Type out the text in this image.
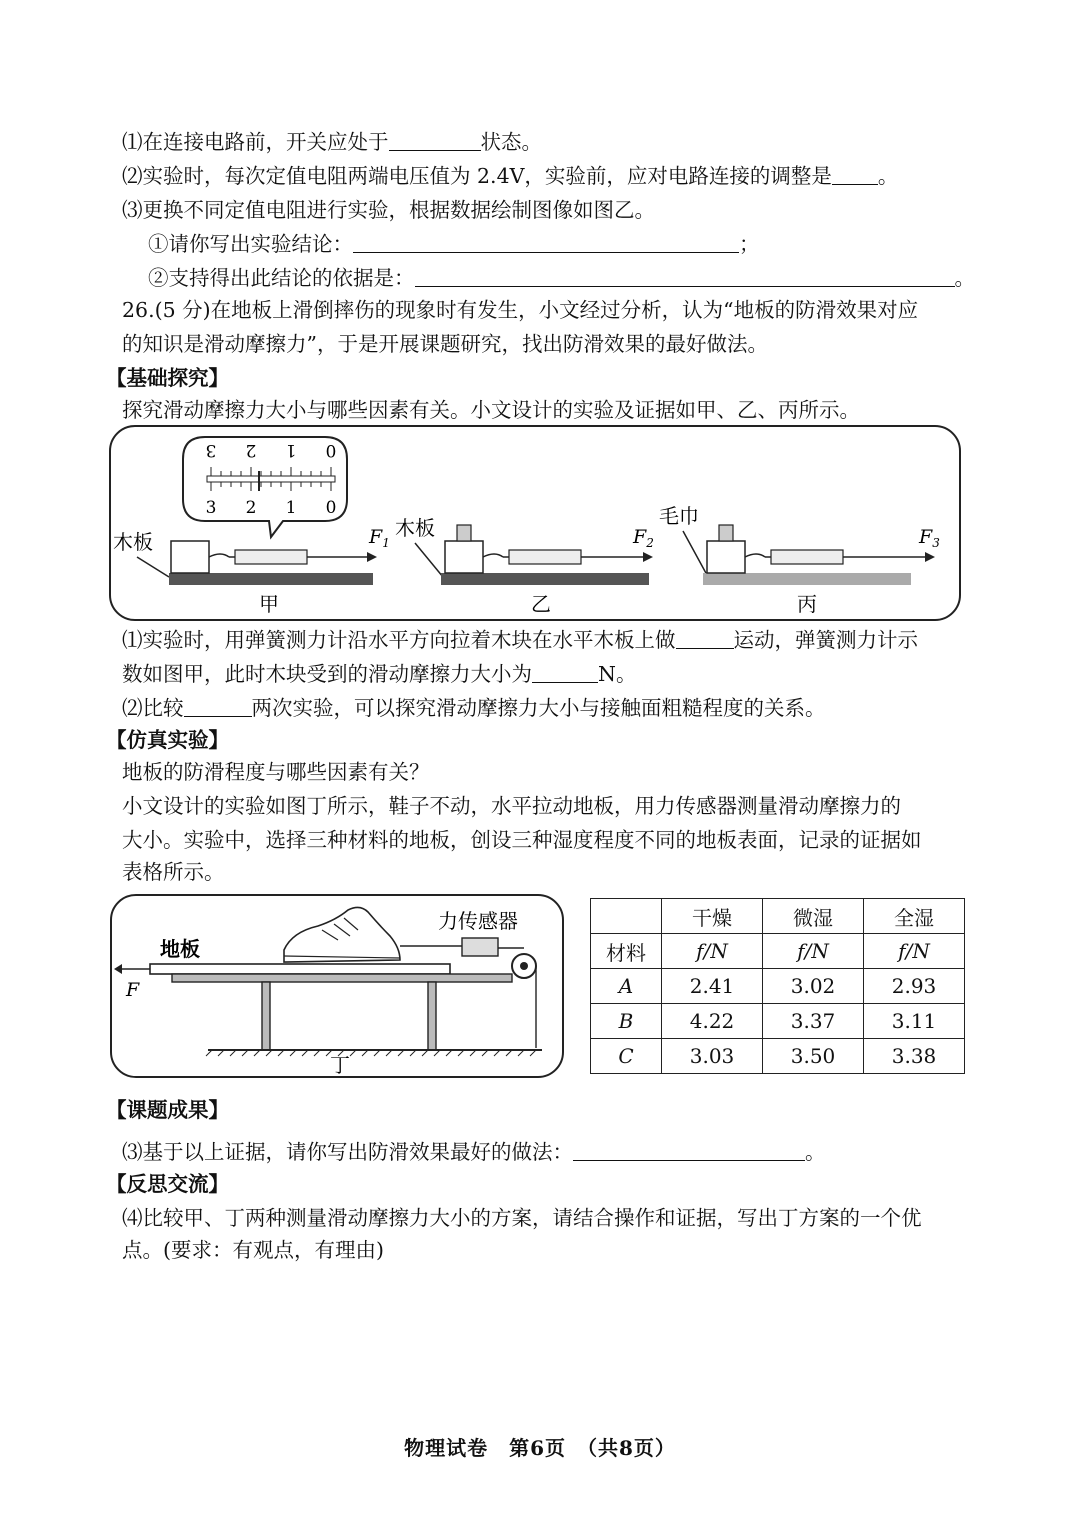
⑴在连接电路前，开关应处于	状态。
⑵实验时，每次定值电阻两端电压值为 2.4V，实验前，应对电路连接的调整是 。
⑶更换不同定值电阻进行实验，根据数据绘制图像如图乙。
①请你写出实验结论：	；
②支持得出此结论的依据是：	。
26.(5 分)在地板上滑倒摔伤的现象时有发生，小文经过分析，认为“地板的防滑效果对应
的知识是滑动摩擦力”，于是开展课题研究，找出防滑效果的最好做法。
【基础探究】
探究滑动摩擦力大小与哪些因素有关。小文设计的实验及证据如甲、乙、丙所示。
3 2 1 0
3 2 1 0
木板	$F_1$
甲
木板	$F_2$
乙
毛巾
$F_3$
丙
⑴实验时，用弹簧测力计沿水平方向拉着木块在水平木板上做	运动，弹簧测力计示
数如图甲，此时木块受到的滑动摩擦力大小为	N。
⑵比较	两次实验，可以探究滑动摩擦力大小与接触面粗糙程度的关系。
【仿真实验】
地板的防滑程度与哪些因素有关？
小文设计的实验如图丁所示，鞋子不动，水平拉动地板，用力传感器测量滑动摩擦力的
大小。实验中，选择三种材料的地板，创设三种湿度程度不同的地板表面，记录的证据如
表格所示。
F
地板
力传感器
丁
	干燥	微湿	全湿
材料	f/N	f/N	f/N
A	2.41	3.02	2.93
B	4.22	3.37	3.11
C	3.03	3.50	3.38
【课题成果】
⑶基于以上证据，请你写出防滑效果最好的做法：	。
【反思交流】
⑷比较甲、丁两种测量滑动摩擦力大小的方案，请结合操作和证据，写出丁方案的一个优
点。(要求：有观点，有理由)
物理试卷　第6页　（共8页）
